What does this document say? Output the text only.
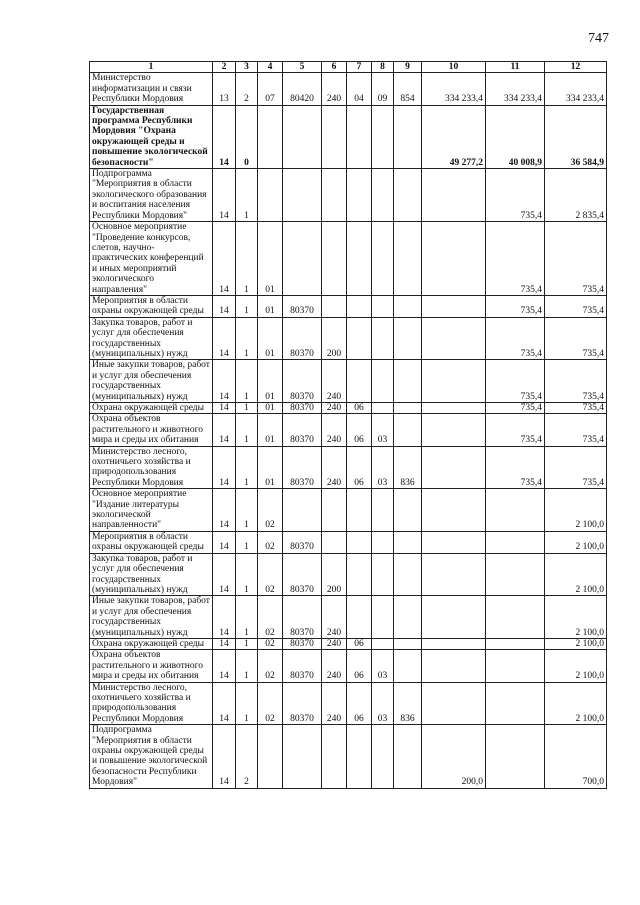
747
1	2	3	4	5	6	7	8	9	10	11	12
Министерство информатизации и связи Республики Мордовия	13	2	07	80420	240	04	09	854	334 233,4	334 233,4	334 233,4
Государственная программа Республики Мордовия "Охрана окружающей среды и повышение экологической безопасности"	14	0							49 277,2	40 008,9	36 584,9
Подпрограмма "Мероприятия в области экологического образования и воспитания населения Республики Мордовия"	14	1								735,4	2 835,4
Основное мероприятие "Проведение конкурсов, слетов, научно-практических конференций и иных мероприятий экологического направления"	14	1	01							735,4	735,4
Мероприятия в области охраны окружающей среды	14	1	01	80370						735,4	735,4
Закупка товаров, работ и услуг для обеспечения государственных (муниципальных) нужд	14	1	01	80370	200					735,4	735,4
Иные закупки товаров, работ и услуг для обеспечения государственных (муниципальных) нужд	14	1	01	80370	240					735,4	735,4
Охрана окружающей среды	14	1	01	80370	240	06				735,4	735,4
Охрана объектов растительного и животного мира и среды их обитания	14	1	01	80370	240	06	03			735,4	735,4
Министерство лесного, охотничьего хозяйства и природопользования Республики Мордовия	14	1	01	80370	240	06	03	836		735,4	735,4
Основное мероприятие "Издание литературы экологической направленности"	14	1	02								2 100,0
Мероприятия в области охраны окружающей среды	14	1	02	80370							2 100,0
Закупка товаров, работ и услуг для обеспечения государственных (муниципальных) нужд	14	1	02	80370	200						2 100,0
Иные закупки товаров, работ и услуг для обеспечения государственных (муниципальных) нужд	14	1	02	80370	240						2 100,0
Охрана окружающей среды	14	1	02	80370	240	06					2 100,0
Охрана объектов растительного и животного мира и среды их обитания	14	1	02	80370	240	06	03				2 100,0
Министерство лесного, охотничьего хозяйства и природопользования Республики Мордовия	14	1	02	80370	240	06	03	836			2 100,0
Подпрограмма "Мероприятия в области охраны окружающей среды и повышение экологической безопасности Республики Мордовия"	14	2							200,0		700,0
